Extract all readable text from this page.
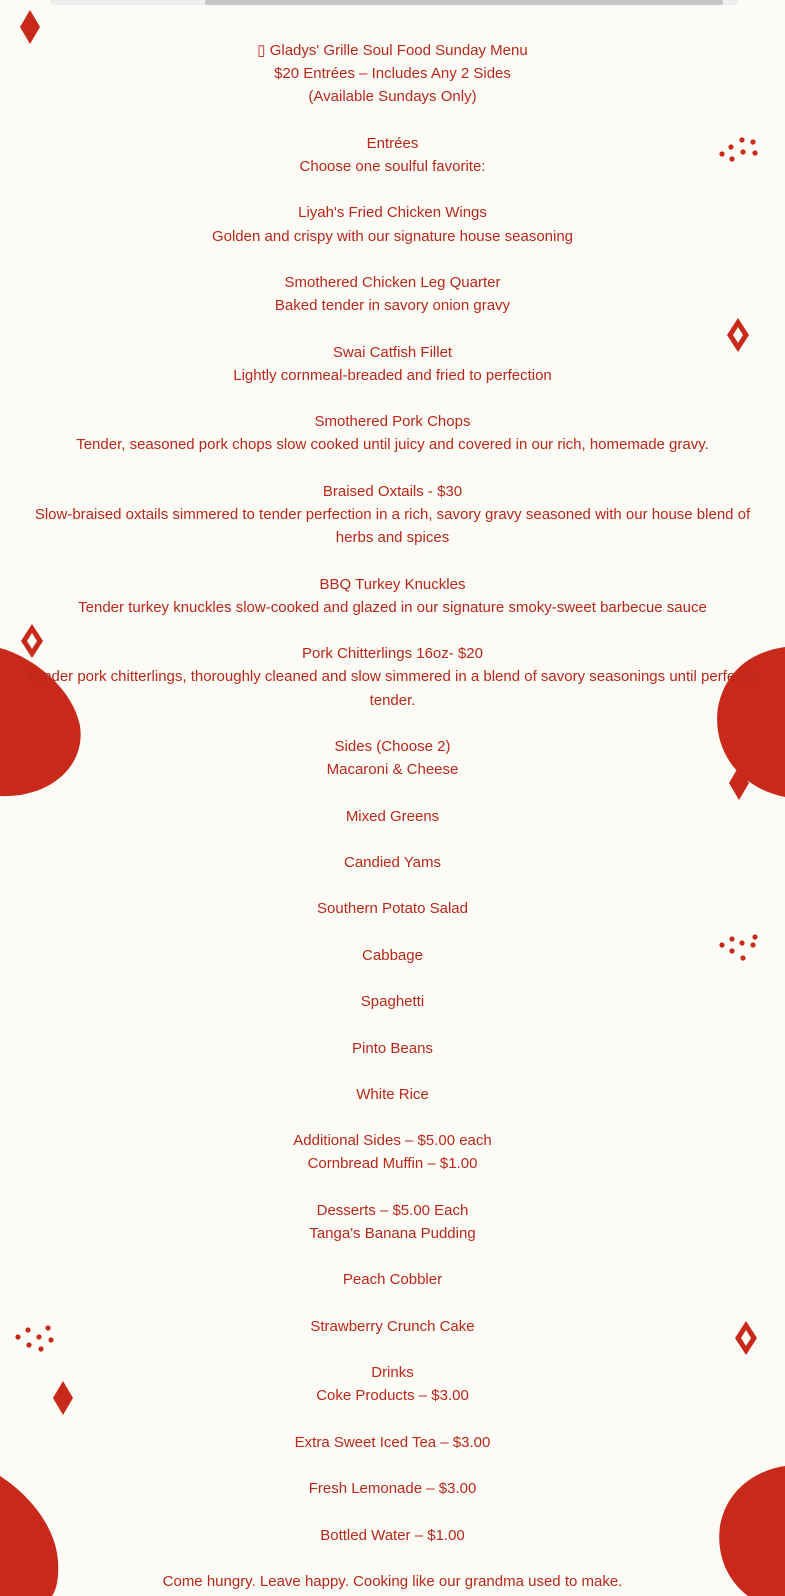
▯ Gladys' Grille Soul Food Sunday Menu

$20 Entrées – Includes Any 2 Sides

(Available Sundays Only)

Entrées

Choose one soulful favorite:

Liyah's Fried Chicken Wings

Golden and crispy with our signature house seasoning

Smothered Chicken Leg Quarter

Baked tender in savory onion gravy

Swai Catfish Fillet

Lightly cornmeal-breaded and fried to perfection

Smothered Pork Chops

Tender, seasoned pork chops slow cooked until juicy and covered in our rich, homemade gravy.

Braised Oxtails - $30

Slow-braised oxtails simmered to tender perfection in a rich, savory gravy seasoned with our house blend of herbs and spices

BBQ Turkey Knuckles

Tender turkey knuckles slow-cooked and glazed in our signature smoky-sweet barbecue sauce

Pork Chitterlings 16oz- $20

Tender pork chitterlings, thoroughly cleaned and slow simmered in a blend of savory seasonings until perfectly tender.

Sides (Choose 2)

Macaroni & Cheese

Mixed Greens

Candied Yams

Southern Potato Salad

Cabbage

Spaghetti

Pinto Beans

White Rice

Additional Sides – $5.00 each

Cornbread Muffin – $1.00

Desserts – $5.00 Each

Tanga's Banana Pudding

Peach Cobbler

Strawberry Crunch Cake

Drinks

Coke Products – $3.00

Extra Sweet Iced Tea – $3.00

Fresh Lemonade – $3.00

Bottled Water – $1.00

Come hungry. Leave happy. Cooking like our grandma used to make.
